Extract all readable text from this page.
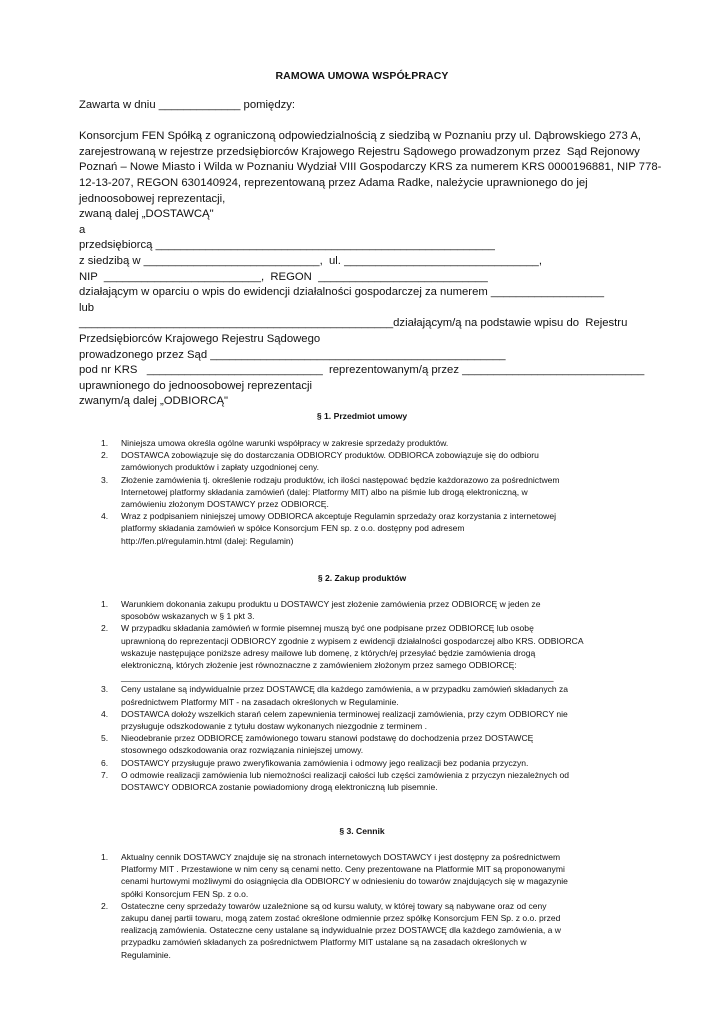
RAMOWA UMOWA WSPÓŁPRACY
Zawarta w dniu _____________ pomiędzy:
Konsorcjum FEN Spółką z ograniczoną odpowiedzialnością z siedzibą w Poznaniu przy ul. Dąbrowskiego 273 A,
zarejestrowaną w rejestrze przedsiębiorców Krajowego Rejestru Sądowego prowadzonym przez  Sąd Rejonowy
Poznań – Nowe Miasto i Wilda w Poznaniu Wydział VIII Gospodarczy KRS za numerem KRS 0000196881, NIP 778-
12-13-207, REGON 630140924, reprezentowaną przez Adama Radke, należycie uprawnionego do jej
jednoosobowej reprezentacji,
zwaną dalej „DOSTAWCĄ"
a
przedsiębiorcą ______________________________________________________
z siedzibą w ____________________________,  ul. _______________________________,
NIP  _________________________,  REGON  ___________________________
działającym w oparciu o wpis do ewidencji działalności gospodarczej za numerem __________________
lub
__________________________________________________działającym/ą na podstawie wpisu do  Rejestru
Przedsiębiorców Krajowego Rejestru Sądowego
prowadzonego przez Sąd _______________________________________________
pod nr KRS   ____________________________  reprezentowanym/ą przez _____________________________
uprawnionego do jednoosobowej reprezentacji
zwanym/ą dalej „ODBIORCĄ"
§ 1. Przedmiot umowy
1. Niniejsza umowa określa ogólne warunki współpracy w zakresie sprzedaży produktów.
2. DOSTAWCA zobowiązuje się do dostarczania ODBIORCY produktów. ODBIORCA zobowiązuje się do odbioru
zamówionych produktów i zapłaty uzgodnionej ceny.
3. Złożenie zamówienia tj. określenie rodzaju produktów, ich ilości następować będzie każdorazowo za pośrednictwem
Internetowej platformy składania zamówień (dalej: Platformy MIT) albo na piśmie lub drogą elektroniczną, w
zamówieniu złożonym DOSTAWCY przez ODBIORCĘ.
4. Wraz z podpisaniem niniejszej umowy ODBIORCA akceptuje Regulamin sprzedaży oraz korzystania z internetowej
platformy składania zamówień w spółce Konsorcjum FEN sp. z o.o. dostępny pod adresem
http://fen.pl/regulamin.html (dalej: Regulamin)
§ 2. Zakup produktów
1. Warunkiem dokonania zakupu produktu u DOSTAWCY jest złożenie zamówienia przez ODBIORCĘ w jeden ze
sposobów wskazanych w § 1 pkt 3.
2. W przypadku składania zamówień w formie pisemnej muszą być one podpisane przez ODBIORCĘ lub osobę
uprawnioną do reprezentacji ODBIORCY zgodnie z wypisem z ewidencji działalności gospodarczej albo KRS. ODBIORCA
wskazuje następujące poniższe adresy mailowe lub domenę, z których/ej przesyłać będzie zamówienia drogą
elektroniczną, których złożenie jest równoznaczne z zamówieniem złożonym przez samego ODBIORCĘ:
___________________________________________________________________________________________
3. Ceny ustalane są indywidualnie przez DOSTAWCĘ dla każdego zamówienia, a w przypadku zamówień składanych za
pośrednictwem Platformy MIT - na zasadach określonych w Regulaminie.
4. DOSTAWCA dołoży wszelkich starań celem zapewnienia terminowej realizacji zamówienia, przy czym ODBIORCY nie
przysługuje odszkodowanie z tytułu dostaw wykonanych niezgodnie z terminem .
5. Nieodebranie przez ODBIORCĘ zamówionego towaru stanowi podstawę do dochodzenia przez DOSTAWCĘ
stosownego odszkodowania oraz rozwiązania niniejszej umowy.
6. DOSTAWCY przysługuje prawo zweryfikowania zamówienia i odmowy jego realizacji bez podania przyczyn.
7. O odmowie realizacji zamówienia lub niemożności realizacji całości lub części zamówienia z przyczyn niezależnych od
DOSTAWCY ODBIORCA zostanie powiadomiony drogą elektroniczną lub pisemnie.
§ 3. Cennik
1. Aktualny cennik DOSTAWCY znajduje się na stronach internetowych DOSTAWCY i jest dostępny za pośrednictwem
Platformy MIT . Przestawione w nim ceny są cenami netto. Ceny prezentowane na Platformie MIT są proponowanymi
cenami hurtowymi możliwymi do osiągnięcia dla ODBIORCY w odniesieniu do towarów znajdujących się w magazynie
spółki Konsorcjum FEN Sp. z o.o.
2. Ostateczne ceny sprzedaży towarów uzależnione są od kursu waluty, w której towary są nabywane oraz od ceny
zakupu danej partii towaru, mogą zatem zostać określone odmiennie przez spółkę Konsorcjum FEN Sp. z o.o. przed
realizacją zamówienia. Ostateczne ceny ustalane są indywidualnie przez DOSTAWCĘ dla każdego zamówienia, a w
przypadku zamówień składanych za pośrednictwem Platformy MIT ustalane są na zasadach określonych w
Regulaminie.
